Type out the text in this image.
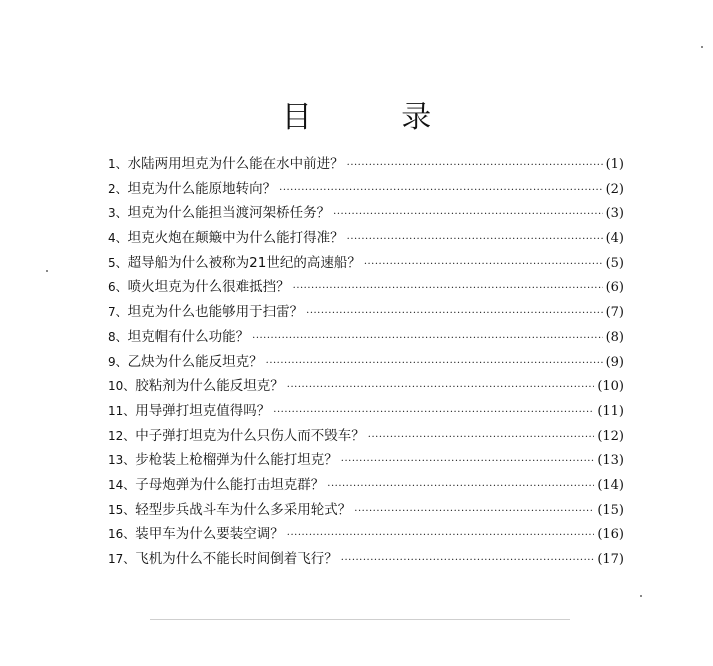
目 录
1、 水陆两用坦克为什么能在水中前进？ ·····	(1)
2、 坦克为什么能原地转向？ ·····	(2)
3、 坦克为什么能担当渡河架桥任务？ ·····	(3)
4、 坦克火炮在颠簸中为什么能打得准？ ·····	(4)
5、 超导船为什么被称为21世纪的高速船？ ·····	(5)
6、 喷火坦克为什么很难抵挡？ ·····	(6)
7、 坦克为什么也能够用于扫雷？ ·····	(7)
8、 坦克帽有什么功能？ ·····	(8)
9、 乙炔为什么能反坦克？ ·····	(9)
10、 胶粘剂为什么能反坦克？ ·····	(10)
11、 用导弹打坦克值得吗？ ·····	(11)
12、 中子弹打坦克为什么只伤人而不毁车？ ·····	(12)
13、 步枪装上枪榴弹为什么能打坦克？ ·····	(13)
14、 子母炮弹为什么能打击坦克群？ ·····	(14)
15、 轻型步兵战斗车为什么多采用轮式？ ·····	(15)
16、 装甲车为什么要装空调？ ·····	(16)
17、 飞机为什么不能长时间倒着飞行？ ·····	(17)
